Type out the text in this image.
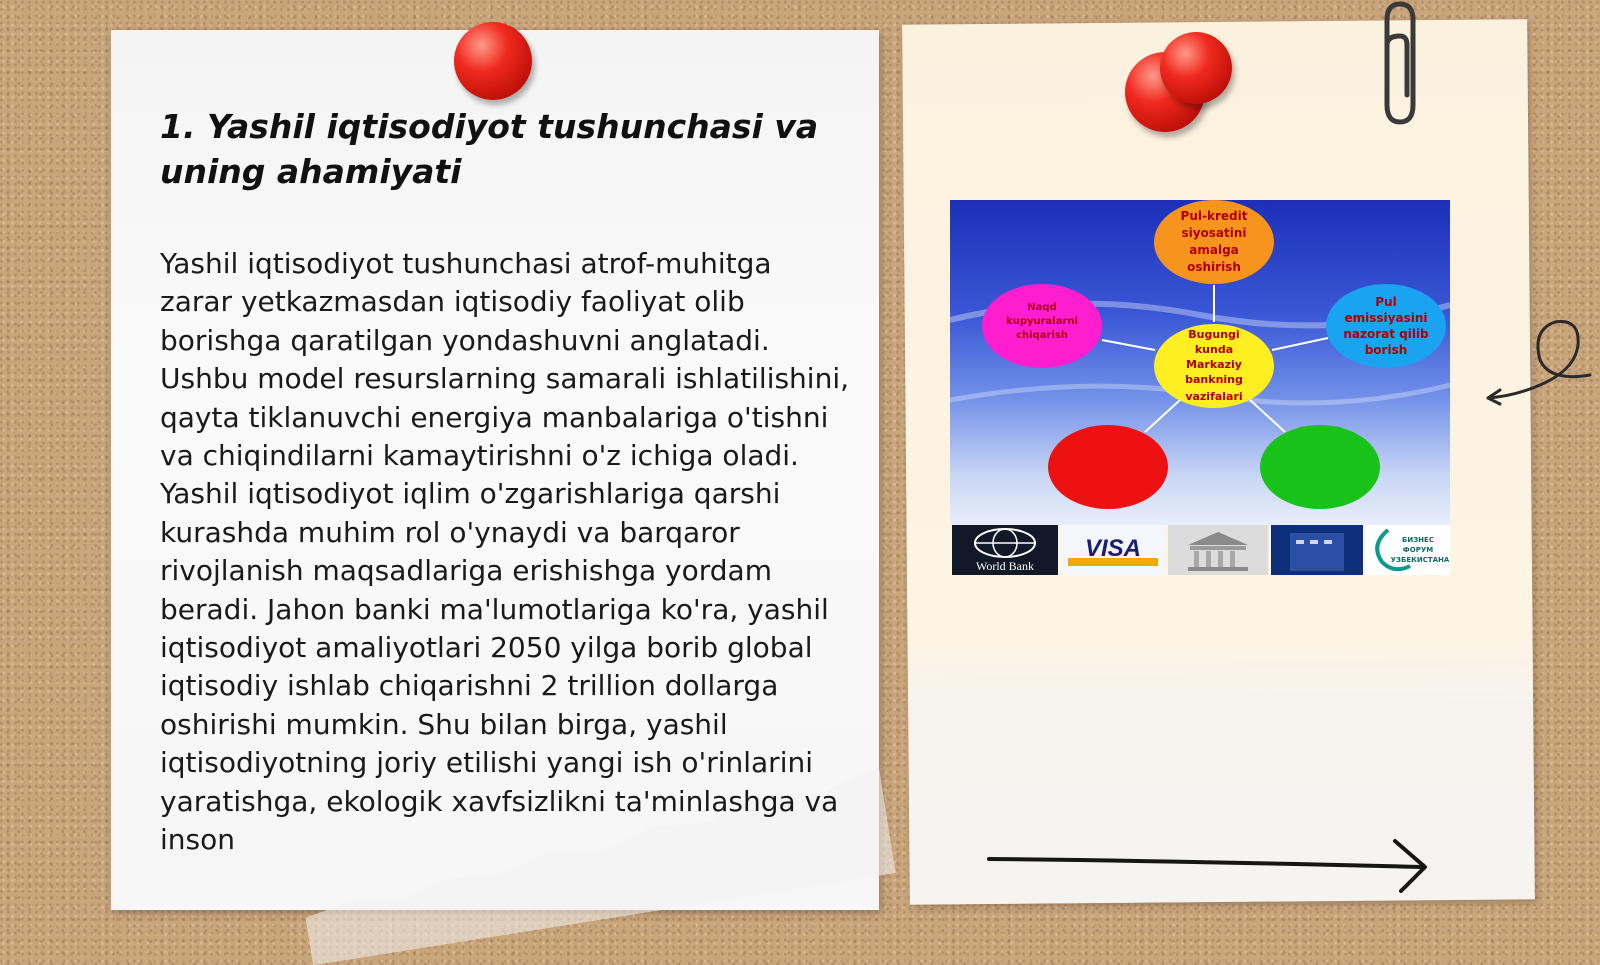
1. Yashil iqtisodiyot tushunchasi va uning ahamiyati

Yashil iqtisodiyot tushunchasi atrof-muhitga zarar yetkazmasdan iqtisodiy faoliyat olib borishga qaratilgan yondashuvni anglatadi. Ushbu model resurslarning samarali ishlatilishini, qayta tiklanuvchi energiya manbalariga o'tishni va chiqindilarni kamaytirishni o'z ichiga oladi. Yashil iqtisodiyot iqlim o'zgarishlariga qarshi kurashda muhim rol o'ynaydi va barqaror rivojlanish maqsadlariga erishishga yordam beradi. Jahon banki ma'lumotlariga ko'ra, yashil iqtisodiyot amaliyotlari 2050 yilga borib global iqtisodiy ishlab chiqarishni 2 trillion dollarga oshirishi mumkin. Shu bilan birga, yashil iqtisodiyotning joriy etilishi yangi ish o'rinlarini yaratishga, ekologik xavfsizlikni ta'minlashga va inson

Pul-kredit
siyosatini
amalga
oshirish
Bugungi
kunda
Markaziy
bankning
vazifalari
Pul
emissiyasini
nazorat qilib
borish
Naqd
kupyuralarni
chiqarish
World Bank
VISA	БИЗНЕС
ФОРУМ
УЗБЕКИСТАНА
